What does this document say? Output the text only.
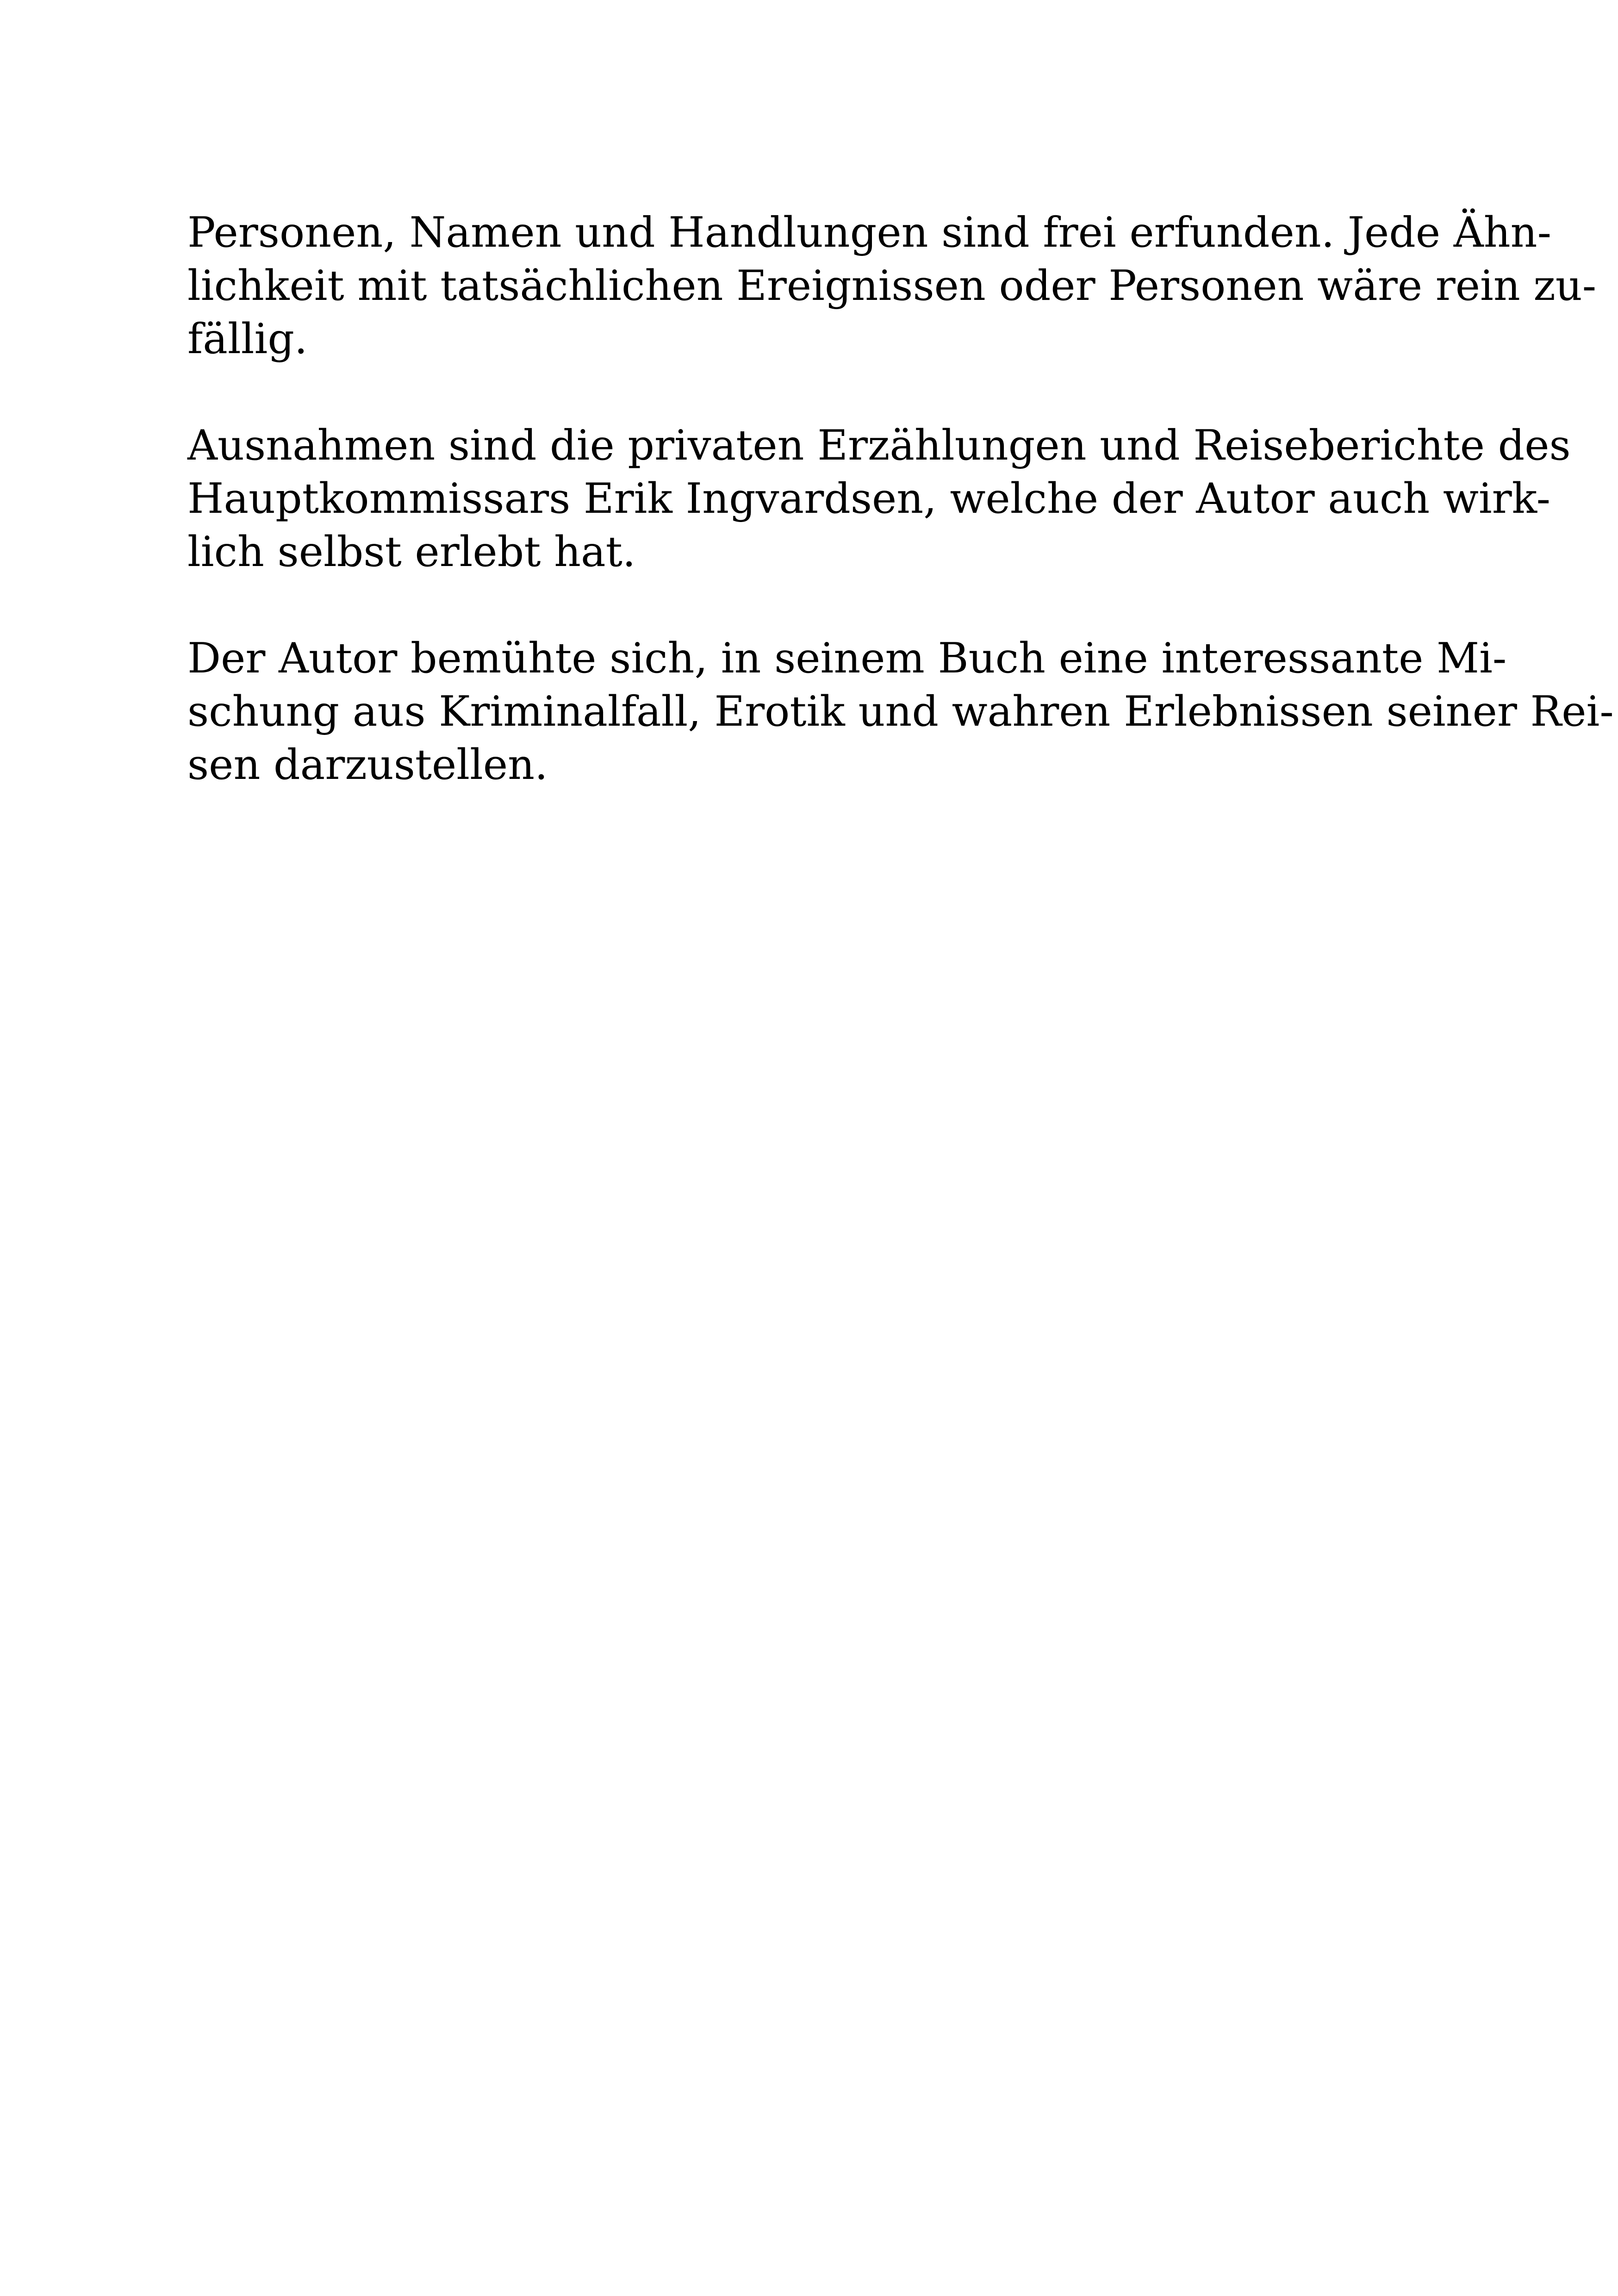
Personen, Namen und Handlungen sind frei erfunden. Jede Ähn-
lichkeit mit tatsächlichen Ereignissen oder Personen wäre rein zu-
fällig.

Ausnahmen sind die privaten Erzählungen und Reiseberichte des
Hauptkommissars Erik Ingvardsen, welche der Autor auch wirk-
lich selbst erlebt hat.

Der Autor bemühte sich, in seinem Buch eine interessante Mi-
schung aus Kriminalfall, Erotik und wahren Erlebnissen seiner Rei-
sen darzustellen.
